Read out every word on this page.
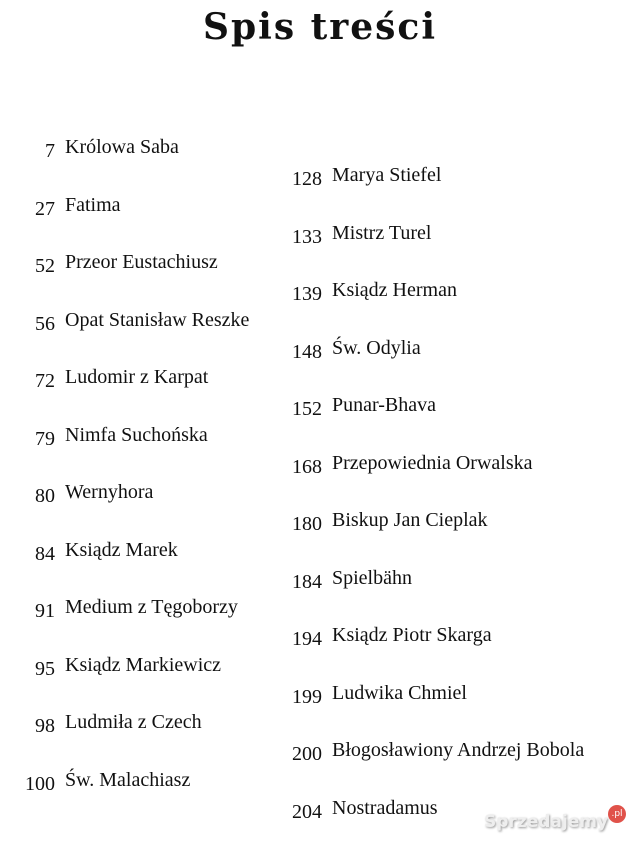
Spis treści
7 Królowa Saba
27 Fatima
52 Przeor Eustachiusz
56 Opat Stanisław Reszke
72 Ludomir z Karpat
79 Nimfa Suchońska
80 Wernyhora
84 Ksiądz Marek
91 Medium z Tęgoborzy
95 Ksiądz Markiewicz
98 Ludmiła z Czech
100 Św. Malachiasz
128 Marya Stiefel
133 Mistrz Turel
139 Ksiądz Herman
148 Św. Odylia
152 Punar-Bhava
168 Przepowiednia Orwalska
180 Biskup Jan Cieplak
184 Spielbähn
194 Ksiądz Piotr Skarga
199 Ludwika Chmiel
200 Błogosławiony Andrzej Bobola
204 Nostradamus
Sprzedajemy .pl
